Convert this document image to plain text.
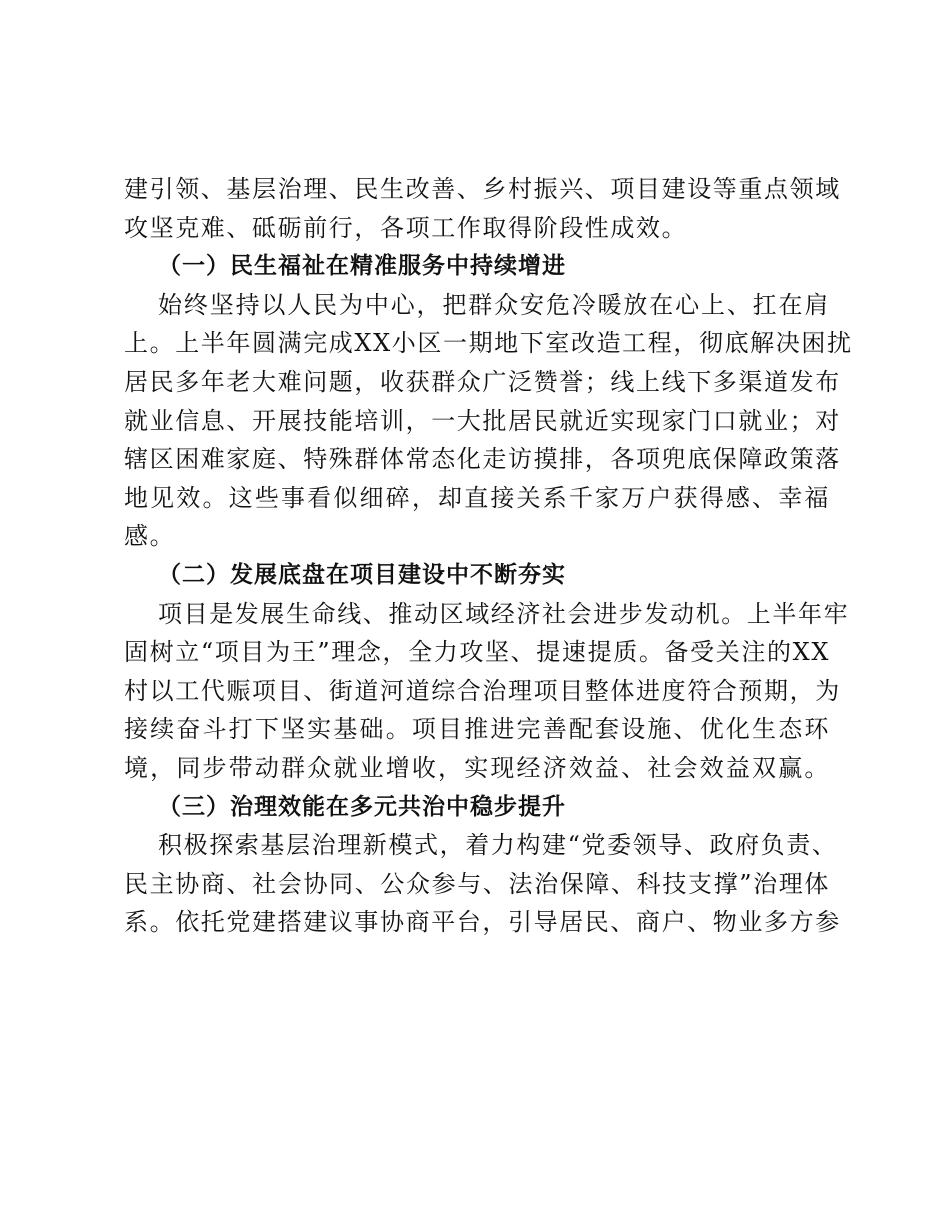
建引领、基层治理、民生改善、乡村振兴、项目建设等重点领域
攻坚克难、砥砺前行，各项工作取得阶段性成效。
（一）民生福祉在精准服务中持续增进
始终坚持以人民为中心，把群众安危冷暖放在心上、扛在肩
上。上半年圆满完成XX小区一期地下室改造工程，彻底解决困扰
居民多年老大难问题，收获群众广泛赞誉；线上线下多渠道发布
就业信息、开展技能培训，一大批居民就近实现家门口就业；对
辖区困难家庭、特殊群体常态化走访摸排，各项兜底保障政策落
地见效。这些事看似细碎，却直接关系千家万户获得感、幸福
感。
（二）发展底盘在项目建设中不断夯实
项目是发展生命线、推动区域经济社会进步发动机。上半年牢
固树立“项目为王”理念，全力攻坚、提速提质。备受关注的XX
村以工代赈项目、街道河道综合治理项目整体进度符合预期，为
接续奋斗打下坚实基础。项目推进完善配套设施、优化生态环
境，同步带动群众就业增收，实现经济效益、社会效益双赢。
（三）治理效能在多元共治中稳步提升
积极探索基层治理新模式，着力构建“党委领导、政府负责、
民主协商、社会协同、公众参与、法治保障、科技支撑”治理体
系。依托党建搭建议事协商平台，引导居民、商户、物业多方参
